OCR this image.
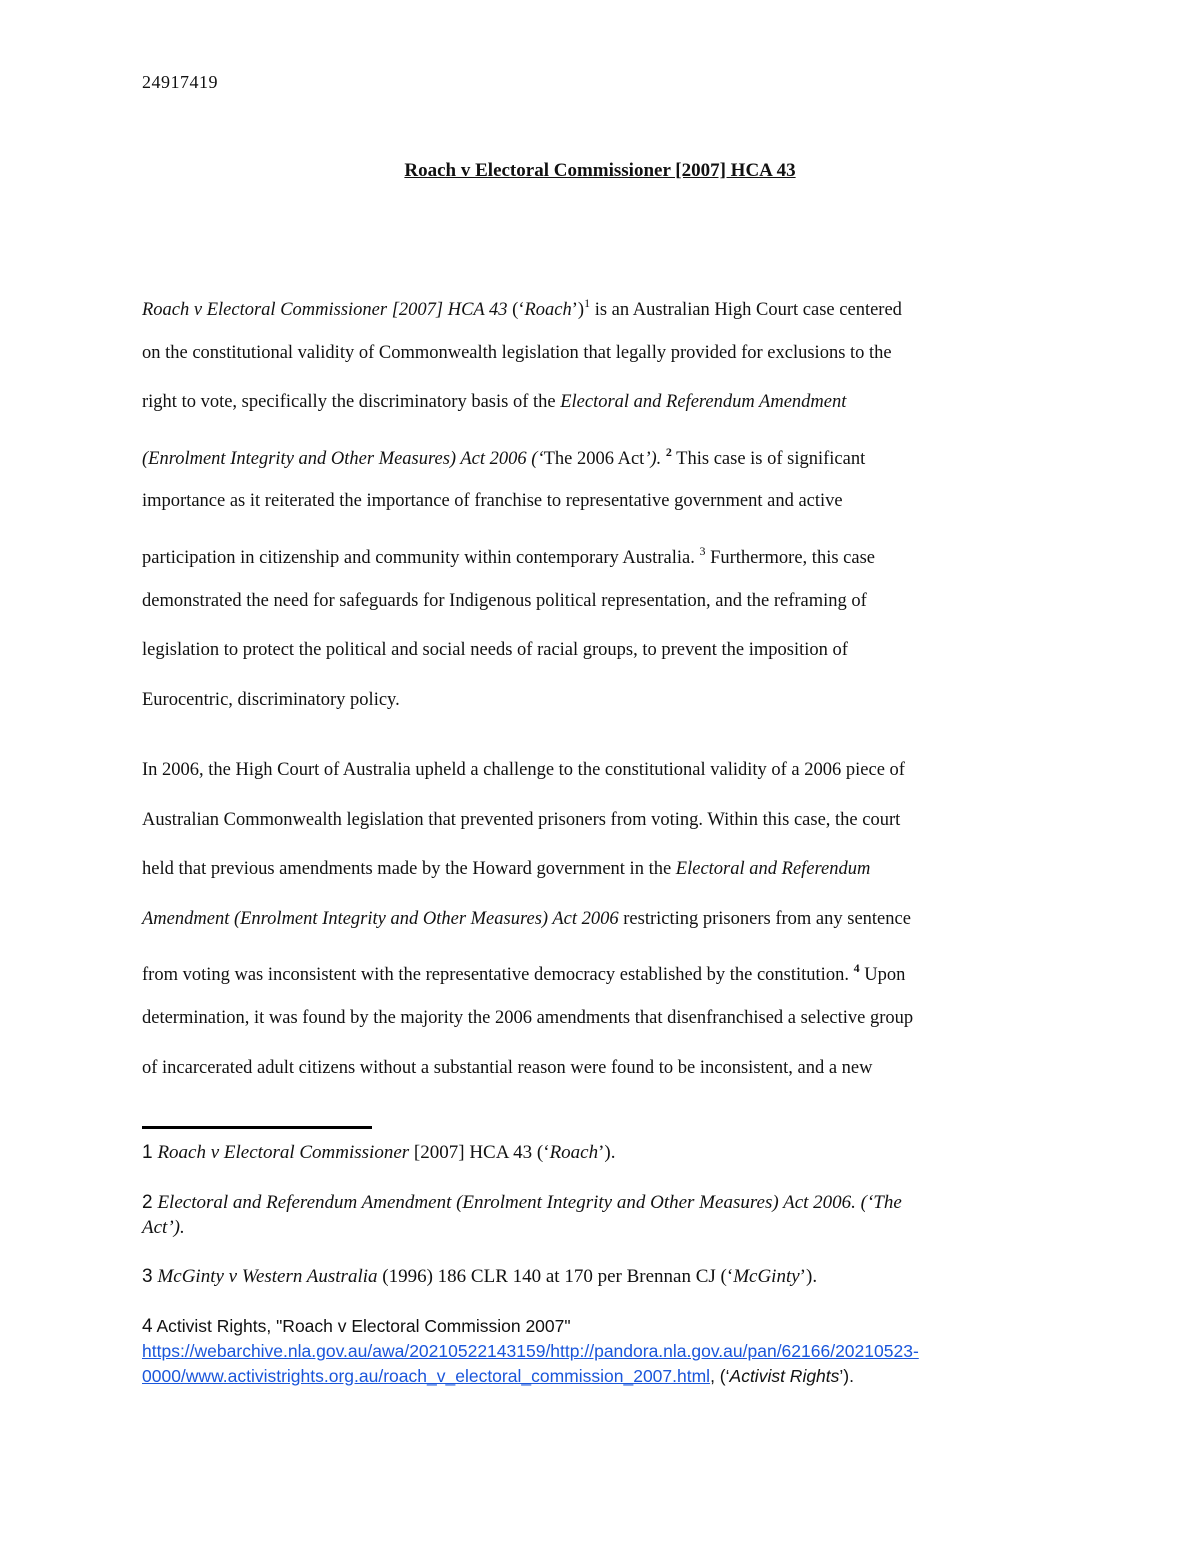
24917419
Roach v Electoral Commissioner [2007] HCA 43
Roach v Electoral Commissioner [2007] HCA 43 (‘Roach’)$^1$ is an Australian High Court case centered
on the constitutional validity of Commonwealth legislation that legally provided for exclusions to the
right to vote, specifically the discriminatory basis of the Electoral and Referendum Amendment
(Enrolment Integrity and Other Measures) Act 2006 (‘The 2006 Act’). $^2$ This case is of significant
importance as it reiterated the importance of franchise to representative government and active
participation in citizenship and community within contemporary Australia. $^3$ Furthermore, this case
demonstrated the need for safeguards for Indigenous political representation, and the reframing of
legislation to protect the political and social needs of racial groups, to prevent the imposition of
Eurocentric, discriminatory policy.
In 2006, the High Court of Australia upheld a challenge to the constitutional validity of a 2006 piece of
Australian Commonwealth legislation that prevented prisoners from voting. Within this case, the court
held that previous amendments made by the Howard government in the Electoral and Referendum
Amendment (Enrolment Integrity and Other Measures) Act 2006 restricting prisoners from any sentence
from voting was inconsistent with the representative democracy established by the constitution. $^4$ Upon
determination, it was found by the majority the 2006 amendments that disenfranchised a selective group
of incarcerated adult citizens without a substantial reason were found to be inconsistent, and a new
1 Roach v Electoral Commissioner [2007] HCA 43 (‘Roach’).
2 Electoral and Referendum Amendment (Enrolment Integrity and Other Measures) Act 2006. (‘The
Act’).
3 McGinty v Western Australia (1996) 186 CLR 140 at 170 per Brennan CJ (‘McGinty’).
4 Activist Rights, "Roach v Electoral Commission 2007"
https://webarchive.nla.gov.au/awa/20210522143159/http://pandora.nla.gov.au/pan/62166/20210523-
0000/www.activistrights.org.au/roach_v_electoral_commission_2007.html, (‘Activist Rights’).
